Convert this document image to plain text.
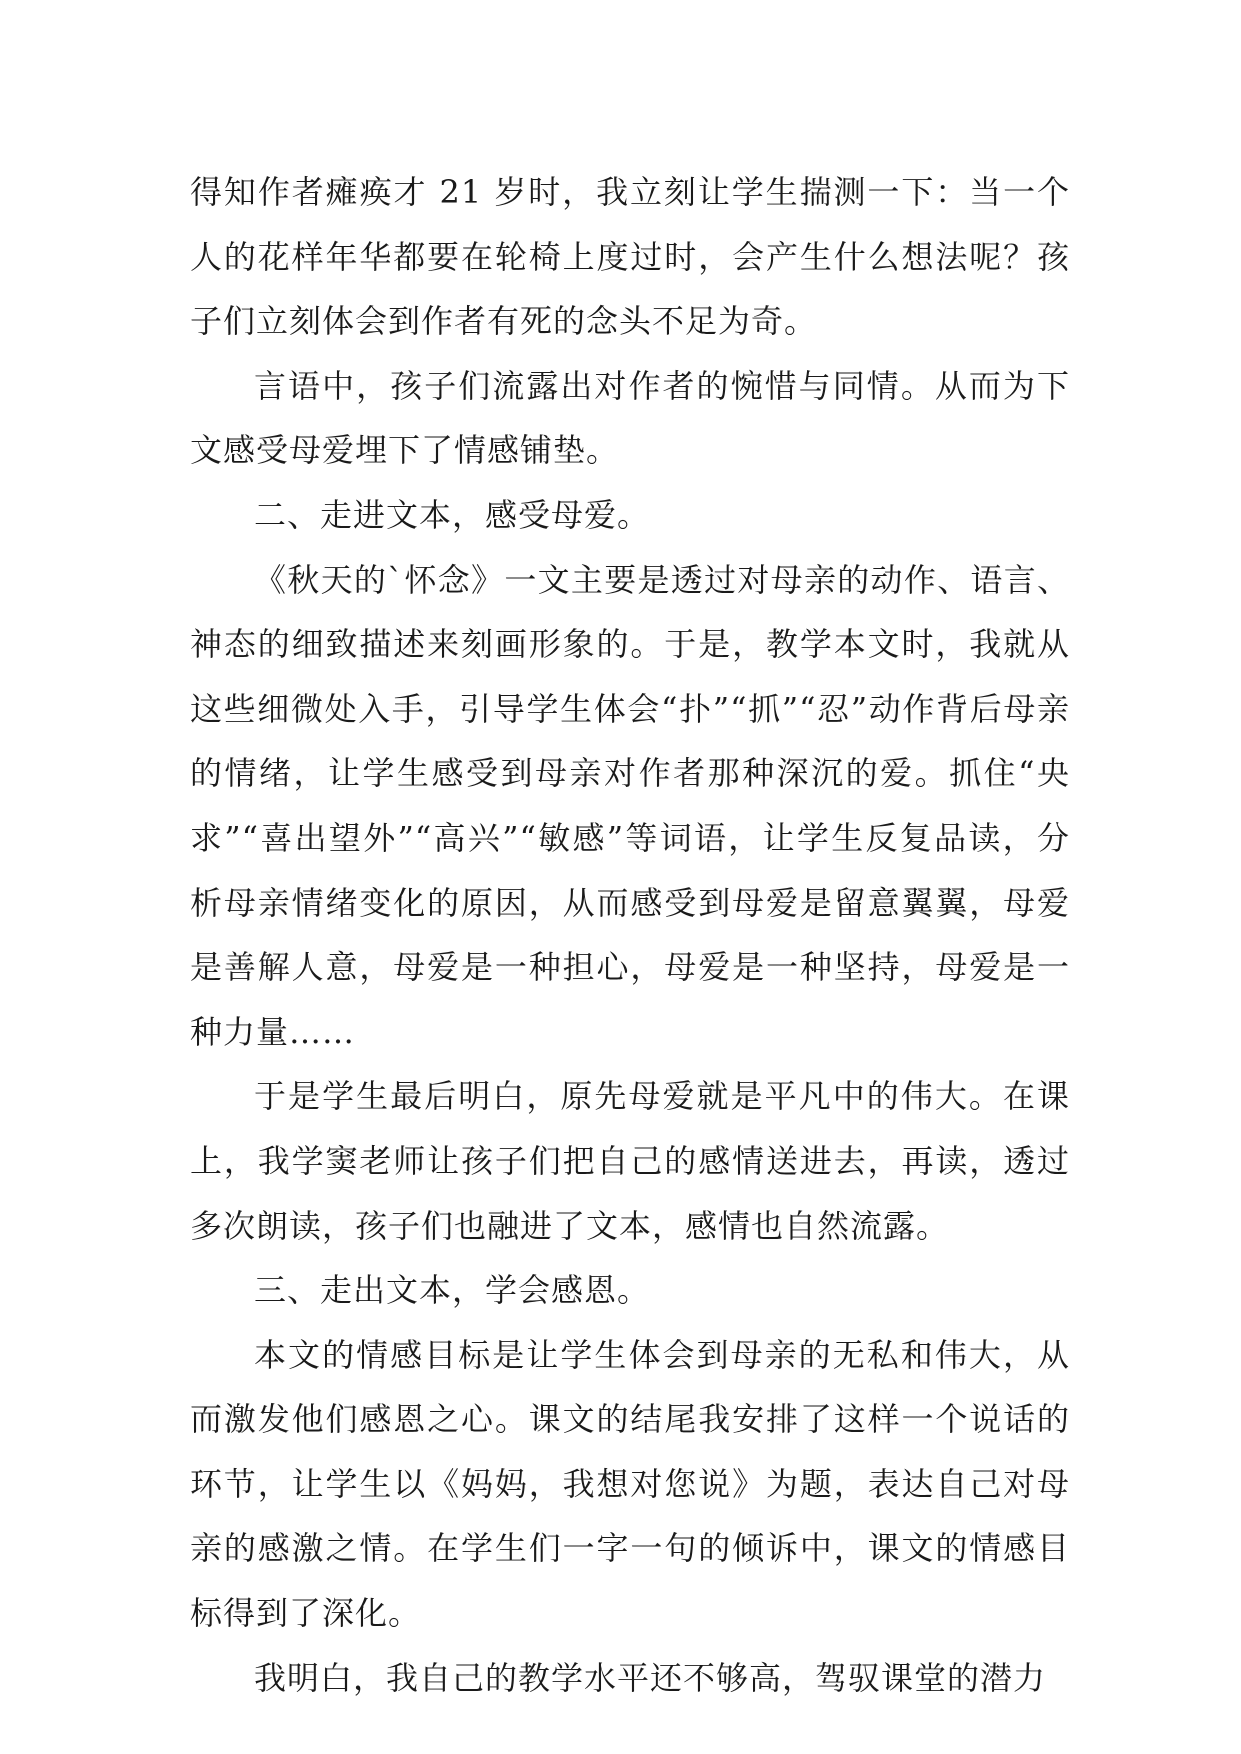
得知作者瘫痪才 21 岁时，我立刻让学生揣测一下：当一个人的花样年华都要在轮椅上度过时，会产生什么想法呢？孩子们立刻体会到作者有死的念头不足为奇。

言语中，孩子们流露出对作者的惋惜与同情。从而为下文感受母爱埋下了情感铺垫。

二、走进文本，感受母爱。

《秋天的`怀念》一文主要是透过对母亲的动作、语言、神态的细致描述来刻画形象的。于是，教学本文时，我就从这些细微处入手，引导学生体会“扑”“抓”“忍”动作背后母亲的情绪，让学生感受到母亲对作者那种深沉的爱。抓住“央求”“喜出望外”“高兴”“敏感”等词语，让学生反复品读，分析母亲情绪变化的原因，从而感受到母爱是留意翼翼，母爱是善解人意，母爱是一种担心，母爱是一种坚持，母爱是一种力量……

于是学生最后明白，原先母爱就是平凡中的伟大。在课上，我学窦老师让孩子们把自己的感情送进去，再读，透过多次朗读，孩子们也融进了文本，感情也自然流露。

三、走出文本，学会感恩。

本文的情感目标是让学生体会到母亲的无私和伟大，从而激发他们感恩之心。课文的结尾我安排了这样一个说话的环节，让学生以《妈妈，我想对您说》为题，表达自己对母亲的感激之情。在学生们一字一句的倾诉中，课文的情感目标得到了深化。

我明白，我自己的教学水平还不够高，驾驭课堂的潜力
